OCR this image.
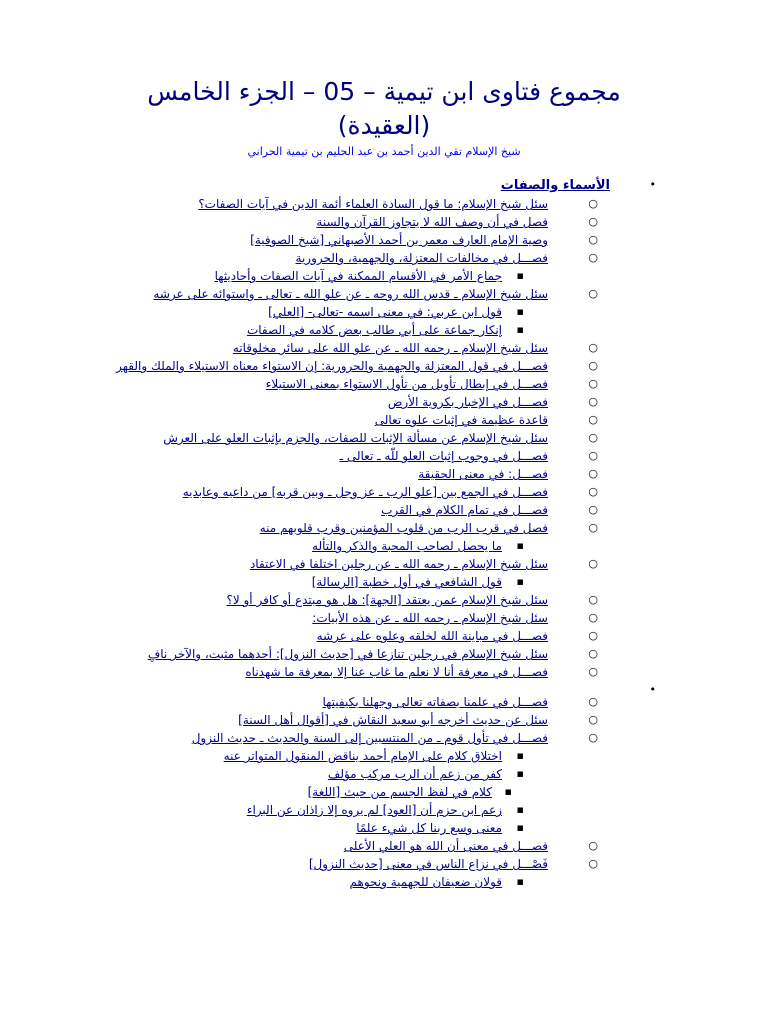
مجموع فتاوى ابن تيمية – 05 – الجزء الخامس
(العقيدة)
شيخ الإسلام تقي الدين أحمد بن عبد الحليم بن تيمية الحراني
•
الأسماء والصفات
○
سئل شيخ الإسلام: ما قول السادة العلماء أئمة الدين في آيات الصفات؟
○
فصل في أن وصف الله لا يتجاوز القرآن والسنة
○
وصية الإمام العارف معمر بن أحمد الأصبهاني [شيخ الصوفية]
○
فصـــل في مخالفات المعتزلة، والجهمية، والحرورية
▪
جماع الأمر في الأقسام الممكنة في آيات الصفات وأحاديثها
○
سئل شيخ الإسلام ـ قدس الله روحه ـ عن علو الله ـ تعالى ـ واستوائه على عرشه
▪
قول ابن عربي: في معنى اسمه -تعالى- [العلي]
▪
إنكار جماعة على أبي طالب بعض كلامه في الصفات
○
سئل شيخ الإسلام ـ رحمه الله ـ عن علو الله على سائر مخلوقاته
○
فصـــل في قول المعتزلة والجهمية والحرورية: إن الاستواء معناه الاستيلاء والملك والقهر
○
فصـــل في إبطال تأويل من تأول الاستواء بمعنى الاستيلاء
○
فصـــل في الإخبار بكروية الأرض
○
قاعدة عظيمة في إثبات علوه تعالى
○
سئل شيخ الإسلام عن مسألة الإثبات للصفات، والجزم بإثبات العلو على العرش
○
فصـــل في وجوب إثبات العلو للّه ـ تعالى ـ
○
فصـــل: في معنى الحقيقة
○
فصـــل في الجمع بين [علو الرب ـ عز وجل ـ وبين قربه] من داعيه وعابديه
○
فصـــل في تمام الكلام في القرب
○
فصل في قرب الرب من قلوب المؤمنين وقرب قلوبهم منه
▪
ما يحصل لصاحب المحبة والذكر والتأله
○
سئل شيخ الإسلام ـ رحمه الله ـ عن رجلين اختلفا في الاعتقاد
▪
قول الشافعي في أول خطبة [الرسالة]
○
سئل شيخ الإسلام عمن يعتقد [الجهة]: هل هو مبتدع أو كافر أو لا؟
○
سئل شيخ الإسلام ـ رحمه الله ـ عن هذه الأبيات:
○
فصـــل في مباينة الله لخلقه وعلوه على عرشه
○
سئل شيخ الإسلام في رجلين تنازعا في [حديث النزول]: أحدهما مثبت، والآخر نافٍ
○
فصـــل في معرفة أنا لا نعلم ما غاب عنا إلا بمعرفة ما شهدناه
•
○
فصـــل في علمنا بصفاته تعالى وجهلنا بكيفيتها
○
سئل عن حديث أخرجه أبو سعيد النقاش في [أقوال أهل السنة]
○
فصـــل في تأول قوم ـ من المنتسبين إلى السنة والحديث ـ حديث النزول
▪
اختلاق كلام على الإمام أحمد يناقض المنقول المتواتر عنه
▪
كفر من زعم أن الرب مركب مؤلف
▪
كلام في لفظ الجسم من حيث [اللغة]
▪
زعم ابن حزم أن [العود] لم يروه إلا زاذان عن البراء
▪
معنى وسع ربنا كل شيء علمًا
○
فصـــل في معنى أن الله هو العلي الأعلى
○
فَصْـــل في نزاع الناس في معنى [حديث النزول]
▪
قولان ضعيفان للجهمية ونحوهم
